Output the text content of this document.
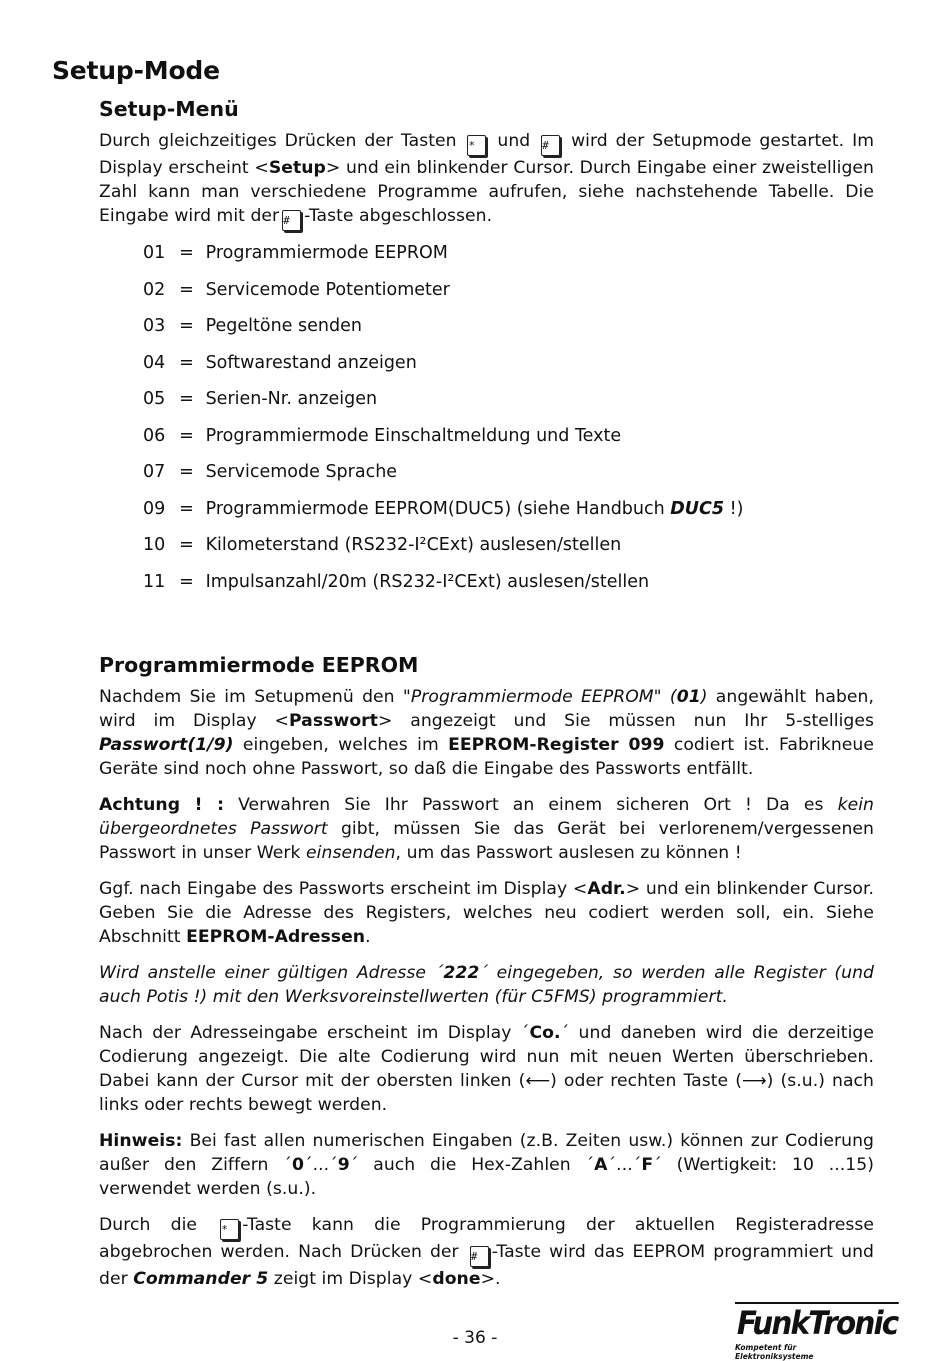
Setup-Mode
Setup-Menü

Durch gleichzeitiges Drücken der Tasten * und # wird der Setupmode gestartet. Im Display erscheint <Setup> und ein blinkender Cursor. Durch Eingabe einer zweistelligen Zahl kann man verschiedene Programme aufrufen, siehe nachstehende Tabelle. Die Eingabe wird mit der # -Taste abgeschlossen.

01 = Programmiermode EEPROM
02 = Servicemode Potentiometer
03 = Pegeltöne senden
04 = Softwarestand anzeigen
05 = Serien-Nr. anzeigen
06 = Programmiermode Einschaltmeldung und Texte
07 = Servicemode Sprache
09 = Programmiermode EEPROM(DUC5) (siehe Handbuch DUC5 !)
10 = Kilometerstand (RS232-I²CExt) auslesen/stellen
11 = Impulsanzahl/20m (RS232-I²CExt) auslesen/stellen
Programmiermode EEPROM

Nachdem Sie im Setupmenü den "Programmiermode EEPROM" (01) angewählt haben, wird im Display <Passwort> angezeigt und Sie müssen nun Ihr 5-stelliges Passwort(1/9) eingeben, welches im EEPROM-Register 099 codiert ist. Fabrikneue Geräte sind noch ohne Passwort, so daß die Eingabe des Passworts entfällt.

Achtung ! : Verwahren Sie Ihr Passwort an einem sicheren Ort ! Da es kein übergeordnetes Passwort gibt, müssen Sie das Gerät bei verlorenem/vergessenen Passwort in unser Werk einsenden, um das Passwort auslesen zu können !

Ggf. nach Eingabe des Passworts erscheint im Display <Adr.> und ein blinkender Cursor. Geben Sie die Adresse des Registers, welches neu codiert werden soll, ein. Siehe Abschnitt EEPROM-Adressen.

Wird anstelle einer gültigen Adresse ´222´ eingegeben, so werden alle Register (und auch Potis !) mit den Werksvoreinstellwerten (für C5FMS) programmiert.

Nach der Adresseingabe erscheint im Display ´Co.´ und daneben wird die derzeitige Codierung angezeigt. Die alte Codierung wird nun mit neuen Werten überschrieben. Dabei kann der Cursor mit der obersten linken (⟵) oder rechten Taste (⟶) (s.u.) nach links oder rechts bewegt werden.

Hinweis: Bei fast allen numerischen Eingaben (z.B. Zeiten usw.) können zur Codierung außer den Ziffern ´0´...´9´ auch die Hex-Zahlen ´A´...´F´ (Wertigkeit: 10 ...15) verwendet werden (s.u.).

Durch die * -Taste kann die Programmierung der aktuellen Registeradresse abgebrochen werden. Nach Drücken der # -Taste wird das EEPROM programmiert und der Commander 5 zeigt im Display <done>.

- 36 -	FunkTronic
Kompetent für Elektroniksysteme
